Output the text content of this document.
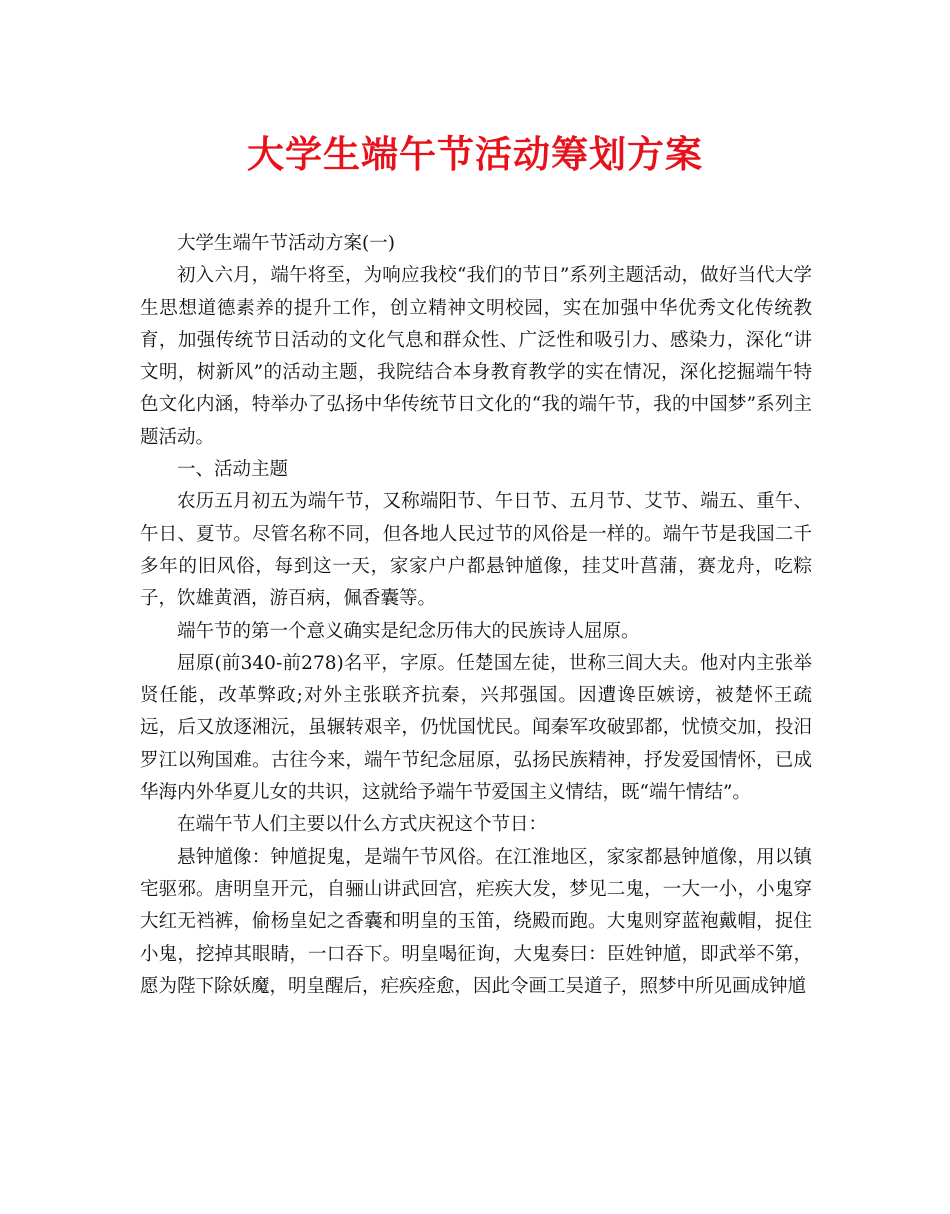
大学生端午节活动筹划方案

大学生端午节活动方案(一)

初入六月，端午将至，为响应我校“我们的节日”系列主题活动，做好当代大学生思想道德素养的提升工作，创立精神文明校园，实在加强中华优秀文化传统教育，加强传统节日活动的文化气息和群众性、广泛性和吸引力、感染力，深化“讲文明，树新风”的活动主题，我院结合本身教育教学的实在情况，深化挖掘端午特色文化内涵，特举办了弘扬中华传统节日文化的“我的端午节，我的中国梦”系列主题活动。

一、活动主题

农历五月初五为端午节，又称端阳节、午日节、五月节、艾节、端五、重午、午日、夏节。尽管名称不同，但各地人民过节的风俗是一样的。端午节是我国二千多年的旧风俗，每到这一天，家家户户都悬钟馗像，挂艾叶菖蒲，赛龙舟，吃粽子，饮雄黄酒，游百病，佩香囊等。

端午节的第一个意义确实是纪念历伟大的民族诗人屈原。

屈原(前340-前278)名平，字原。任楚国左徒，世称三闾大夫。他对内主张举贤任能，改革弊政;对外主张联齐抗秦，兴邦强国。因遭谗臣嫉谤，被楚怀王疏远，后又放逐湘沅，虽辗转艰辛，仍忧国忧民。闻秦军攻破郢都，忧愤交加，投汨罗江以殉国难。古往今来，端午节纪念屈原，弘扬民族精神，抒发爱国情怀，已成华海内外华夏儿女的共识，这就给予端午节爱国主义情结，既“端午情结”。

在端午节人们主要以什么方式庆祝这个节日：

悬钟馗像：钟馗捉鬼，是端午节风俗。在江淮地区，家家都悬钟馗像，用以镇宅驱邪。唐明皇开元，自骊山讲武回宫，疟疾大发，梦见二鬼，一大一小，小鬼穿大红无裆裤，偷杨皇妃之香囊和明皇的玉笛，绕殿而跑。大鬼则穿蓝袍戴帽，捉住小鬼，挖掉其眼睛，一口吞下。明皇喝征询，大鬼奏曰：臣姓钟馗，即武举不第，愿为陛下除妖魔，明皇醒后，疟疾痊愈，因此令画工吴道子，照梦中所见画成钟馗
